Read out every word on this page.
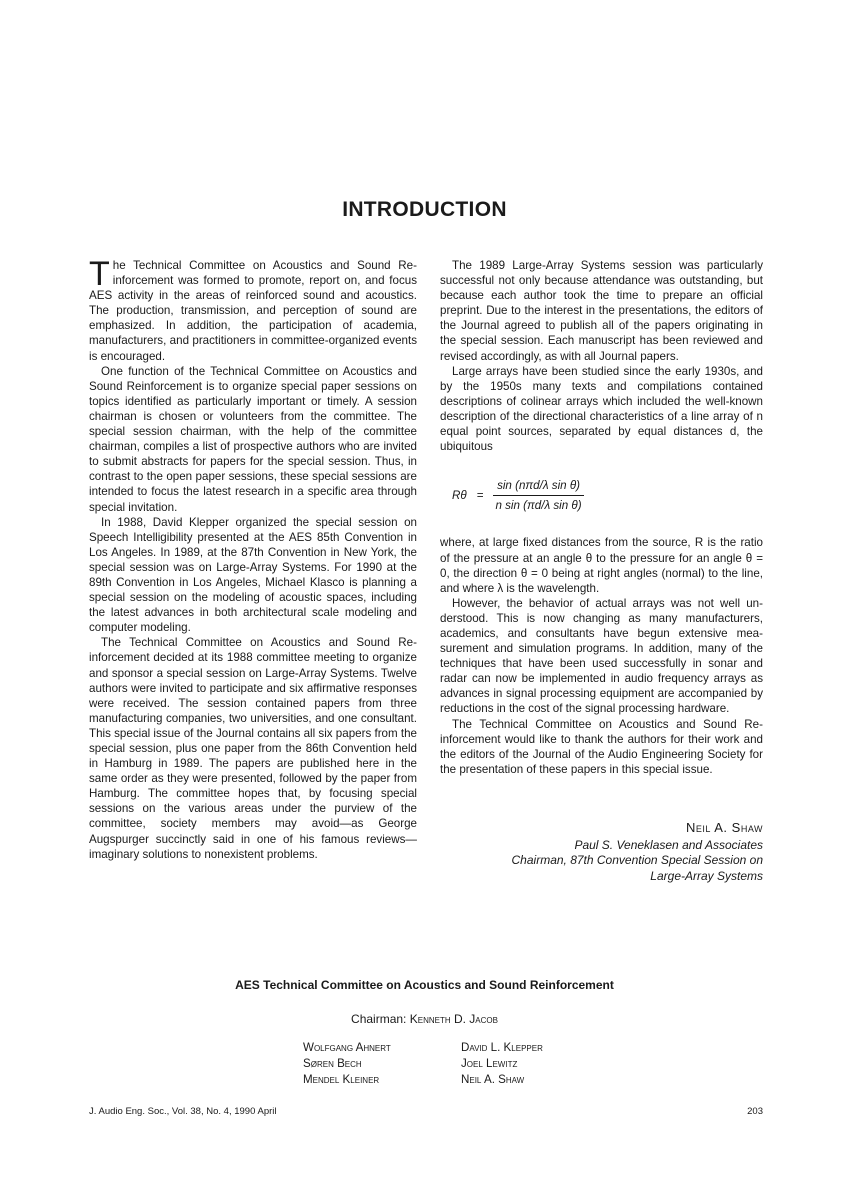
INTRODUCTION

The Technical Committee on Acoustics and Sound Reinforcement was formed to promote, report on, and focus AES activity in the areas of reinforced sound and acoustics. The production, transmission, and perception of sound are emphasized. In addition, the participation of academia, manufacturers, and practitioners in committee-organized events is encouraged.

One function of the Technical Committee on Acoustics and Sound Reinforcement is to organize special paper sessions on topics identified as particularly important or timely. A session chairman is chosen or volunteers from the committee. The special session chairman, with the help of the committee chairman, compiles a list of prospective authors who are invited to submit abstracts for papers for the special session. Thus, in contrast to the open paper sessions, these special sessions are intended to focus the latest research in a specific area through special invitation.

In 1988, David Klepper organized the special session on Speech Intelligibility presented at the AES 85th Convention in Los Angeles. In 1989, at the 87th Convention in New York, the special session was on Large-Array Systems. For 1990 at the 89th Convention in Los Angeles, Michael Klasco is planning a special session on the modeling of acoustic spaces, including the latest advances in both architectural scale modeling and computer modeling.

The Technical Committee on Acoustics and Sound Reinforcement decided at its 1988 committee meeting to organize and sponsor a special session on Large-Array Systems. Twelve authors were invited to participate and six affirmative responses were received. The session contained papers from three manufacturing companies, two universities, and one consultant. This special issue of the Journal contains all six papers from the special session, plus one paper from the 86th Convention held in Hamburg in 1989. The papers are published here in the same order as they were presented, followed by the paper from Hamburg. The committee hopes that, by focusing special sessions on the various areas under the purview of the committee, society members may avoid—as George Augspurger succinctly said in one of his famous reviews—imaginary solutions to nonexistent problems.

The 1989 Large-Array Systems session was particularly successful not only because attendance was outstanding, but because each author took the time to prepare an official preprint. Due to the interest in the presentations, the editors of the Journal agreed to publish all of the papers originating in the special session. Each manuscript has been reviewed and revised accordingly, as with all Journal papers.

Large arrays have been studied since the early 1930s, and by the 1950s many texts and compilations contained descriptions of colinear arrays which included the well-known description of the directional characteristics of a line array of n equal point sources, separated by equal distances d, the ubiquitous

$R\theta = \frac{\text{sin (nπd/λ sin θ)}}{\text{n sin (πd/λ sin θ)}}$

where, at large fixed distances from the source, R is the ratio of the pressure at an angle θ to the pressure for an angle θ = 0, the direction θ = 0 being at right angles (normal) to the line, and where λ is the wavelength.

However, the behavior of actual arrays was not well understood. This is now changing as many manufacturers, academics, and consultants have begun extensive measurement and simulation programs. In addition, many of the techniques that have been used successfully in sonar and radar can now be implemented in audio frequency arrays as advances in signal processing equipment are accompanied by reductions in the cost of the signal processing hardware.

The Technical Committee on Acoustics and Sound Reinforcement would like to thank the authors for their work and the editors of the Journal of the Audio Engineering Society for the presentation of these papers in this special issue.

Neil A. Shaw
Paul S. Veneklasen and Associates
Chairman, 87th Convention Special Session on
Large-Array Systems
AES Technical Committee on Acoustics and Sound Reinforcement
Chairman: Kenneth D. Jacob
Wolfgang Ahnert	David L. Klepper
Søren Bech	Joel Lewitz
Mendel Kleiner	Neil A. Shaw
J. Audio Eng. Soc., Vol. 38, No. 4, 1990 April	203
